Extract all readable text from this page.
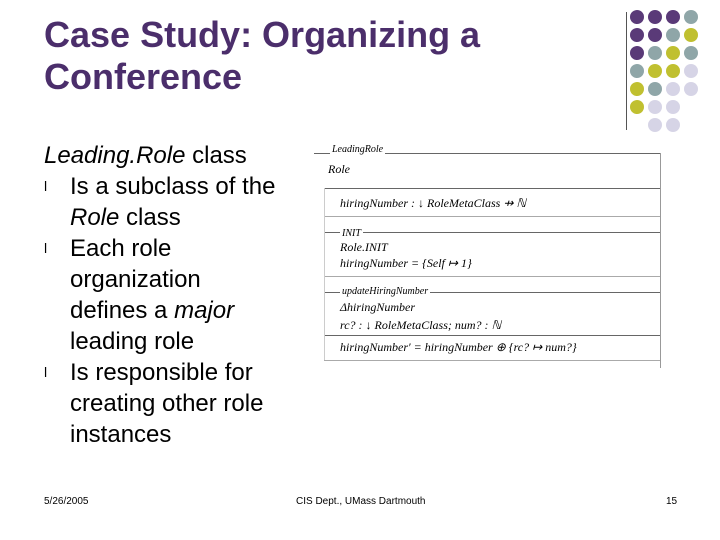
Case Study: Organizing a
Conference
Leading.Role class
l Is a subclass of the
Role class
l Each role
organization
defines a major
leading role
l Is responsible for
creating other role
instances
LeadingRole
Role
hiringNumber : ↓ RoleMetaClass ⇸ ℕ
INIT
Role.INIT
hiringNumber = {Self ↦ 1}
updateHiringNumber
ΔhiringNumber
rc? : ↓ RoleMetaClass; num? : ℕ
hiringNumber′ = hiringNumber ⊕ {rc? ↦ num?}
5/26/2005	CIS Dept., UMass Dartmouth	15
